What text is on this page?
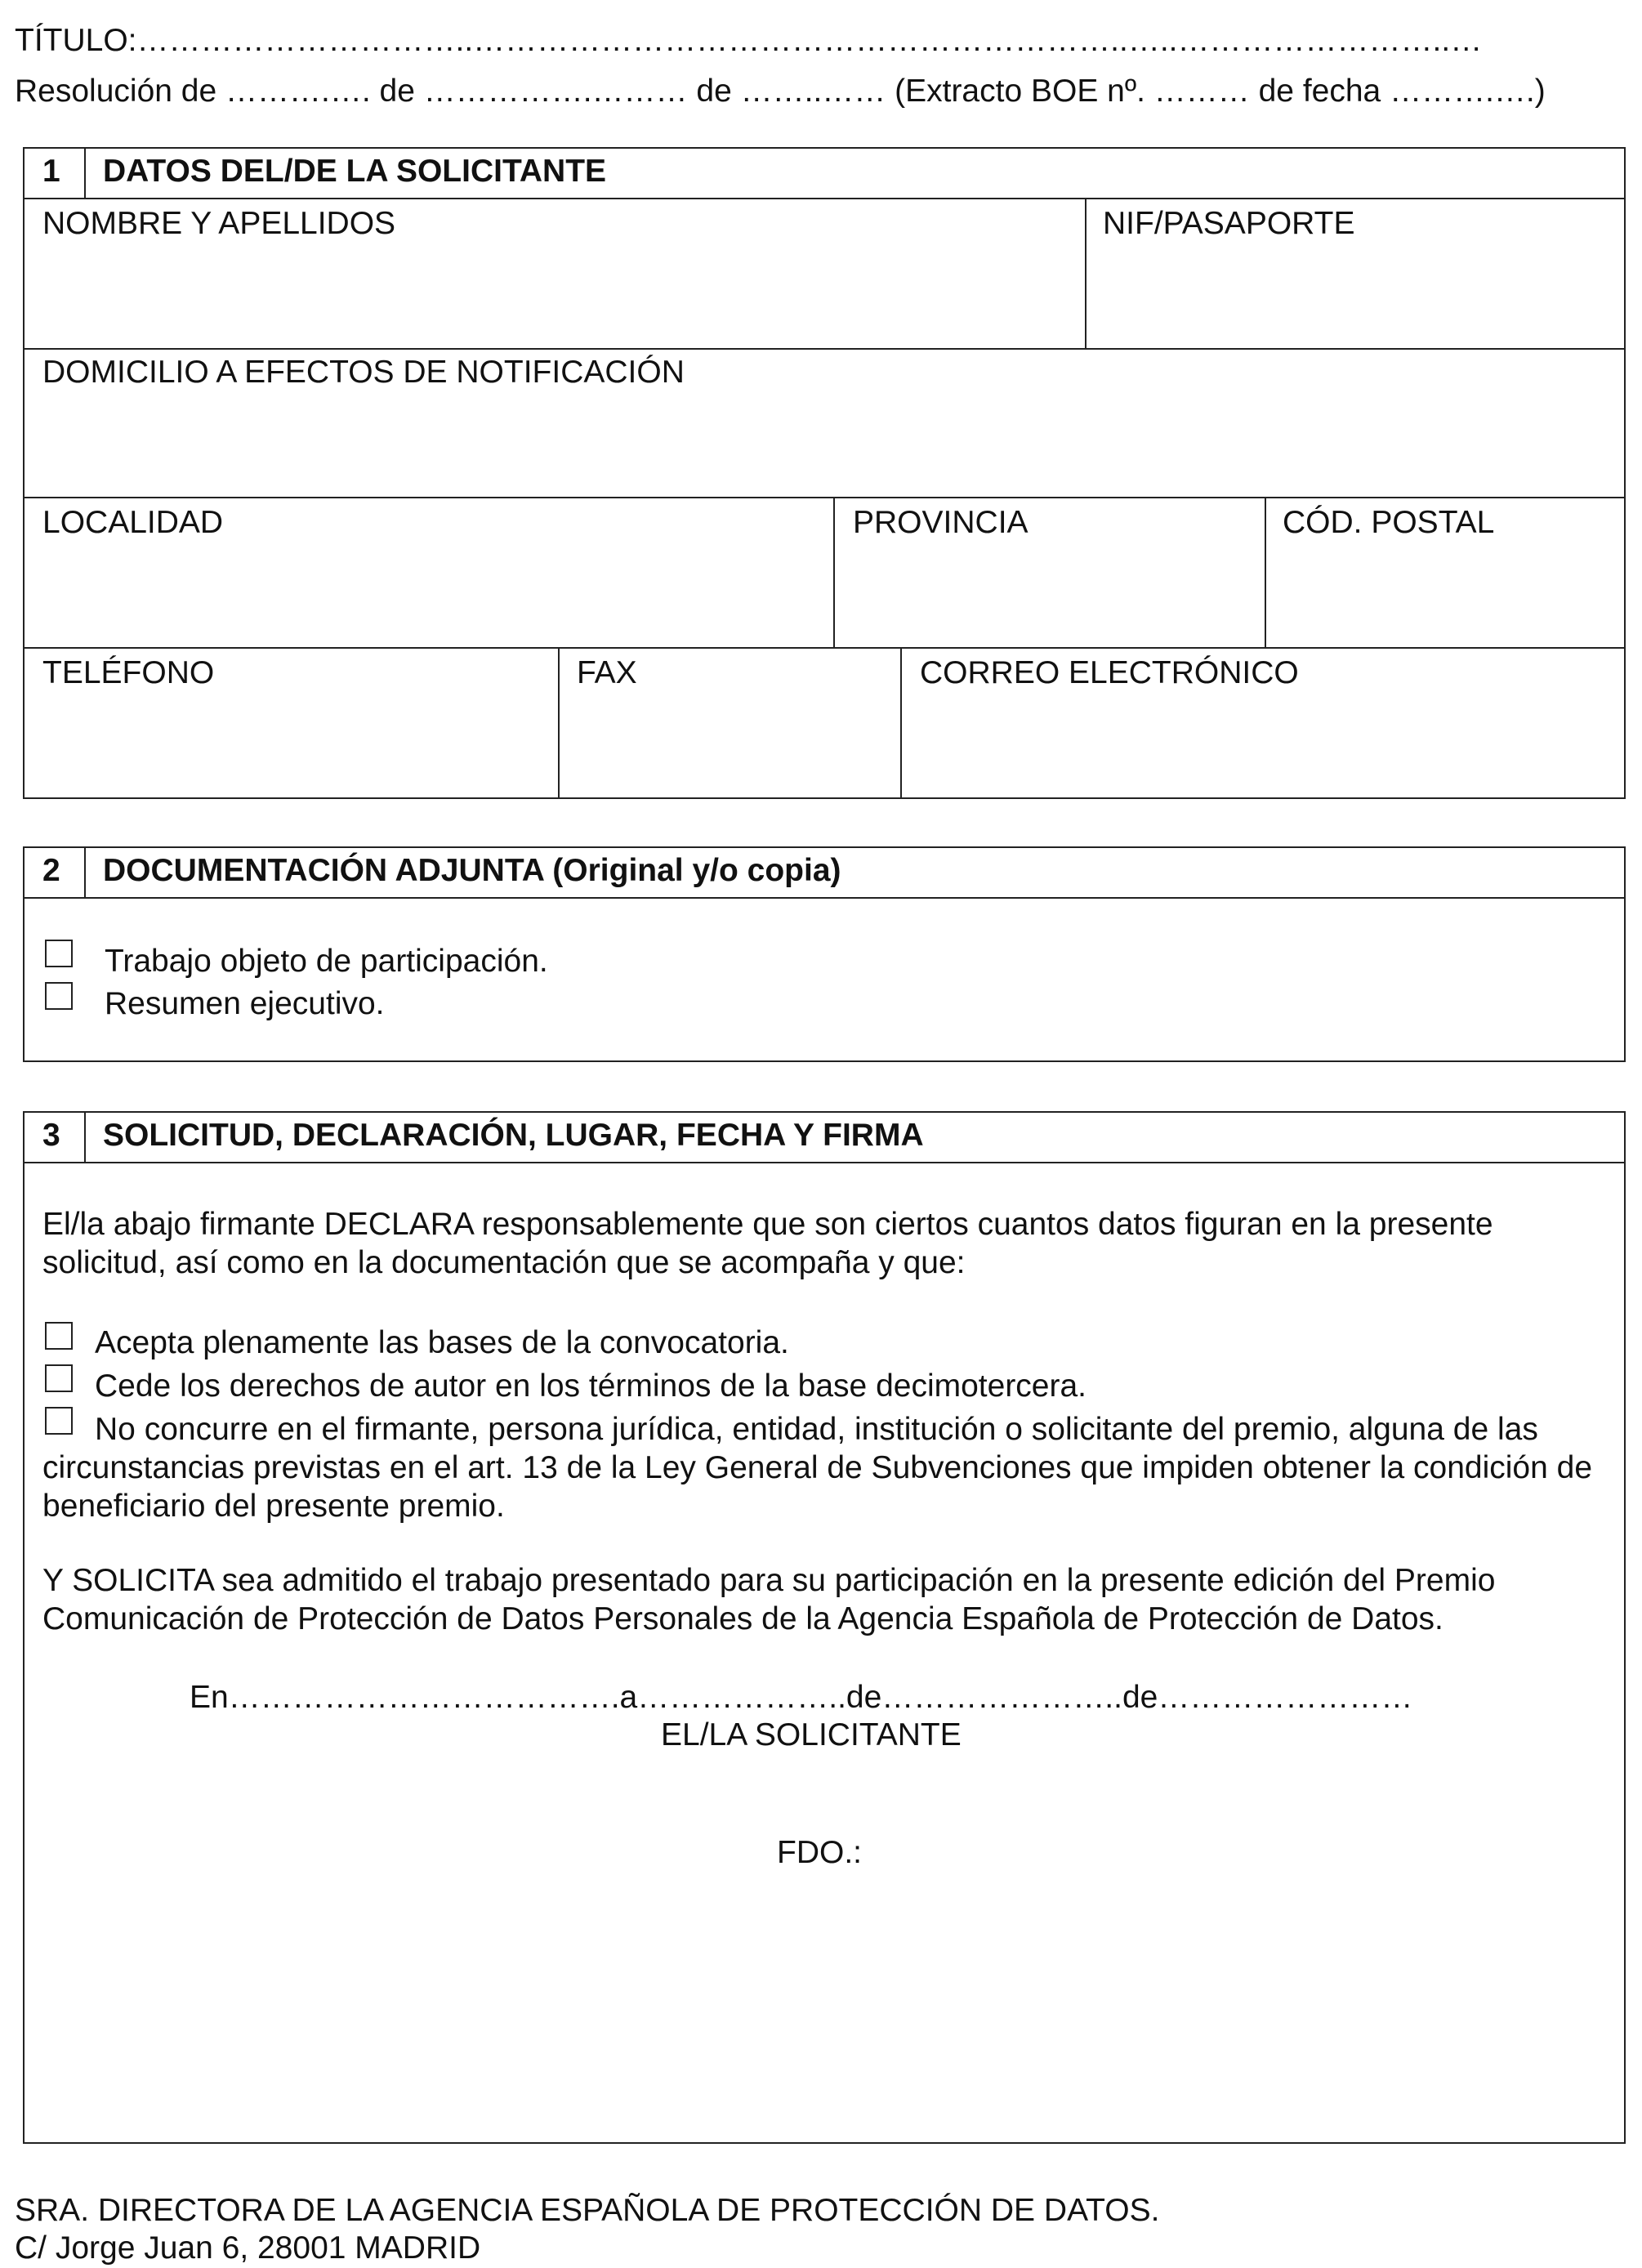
TÍTULO:…………………………..……………………………………………………..…..……………………..…
Resolución de ……….…. de …………….……… de ……..…… (Extracto BOE nº. ……… de fecha ……….….)
1 DATOS DEL/DE LA SOLICITANTE
NOMBRE Y APELLIDOS	NIF/PASAPORTE
DOMICILIO A EFECTOS DE NOTIFICACIÓN
LOCALIDAD	PROVINCIA	CÓD. POSTAL
TELÉFONO	FAX	CORREO ELECTRÓNICO
2 DOCUMENTACIÓN ADJUNTA (Original y/o copia)
Trabajo objeto de participación.
Resumen ejecutivo.
3 SOLICITUD, DECLARACIÓN, LUGAR, FECHA Y FIRMA
El/la abajo firmante DECLARA responsablemente que son ciertos cuantos datos figuran en la presente solicitud, así como en la documentación que se acompaña y que:
Acepta plenamente las bases de la convocatoria.
Cede los derechos de autor en los términos de la base decimotercera.
No concurre en el firmante, persona jurídica, entidad, institución o solicitante del premio, alguna de las circunstancias previstas en el art. 13 de la Ley General de Subvenciones que impiden obtener la condición de beneficiario del presente premio.
Y SOLICITA sea admitido el trabajo presentado para su participación en la presente edición del Premio Comunicación de Protección de Datos Personales de la Agencia Española de Protección de Datos.
En……………………………….a………………..de…………………..de……………………
EL/LA SOLICITANTE
FDO.:
SRA. DIRECTORA DE LA AGENCIA ESPAÑOLA DE PROTECCIÓN DE DATOS.
C/ Jorge Juan 6, 28001 MADRID
